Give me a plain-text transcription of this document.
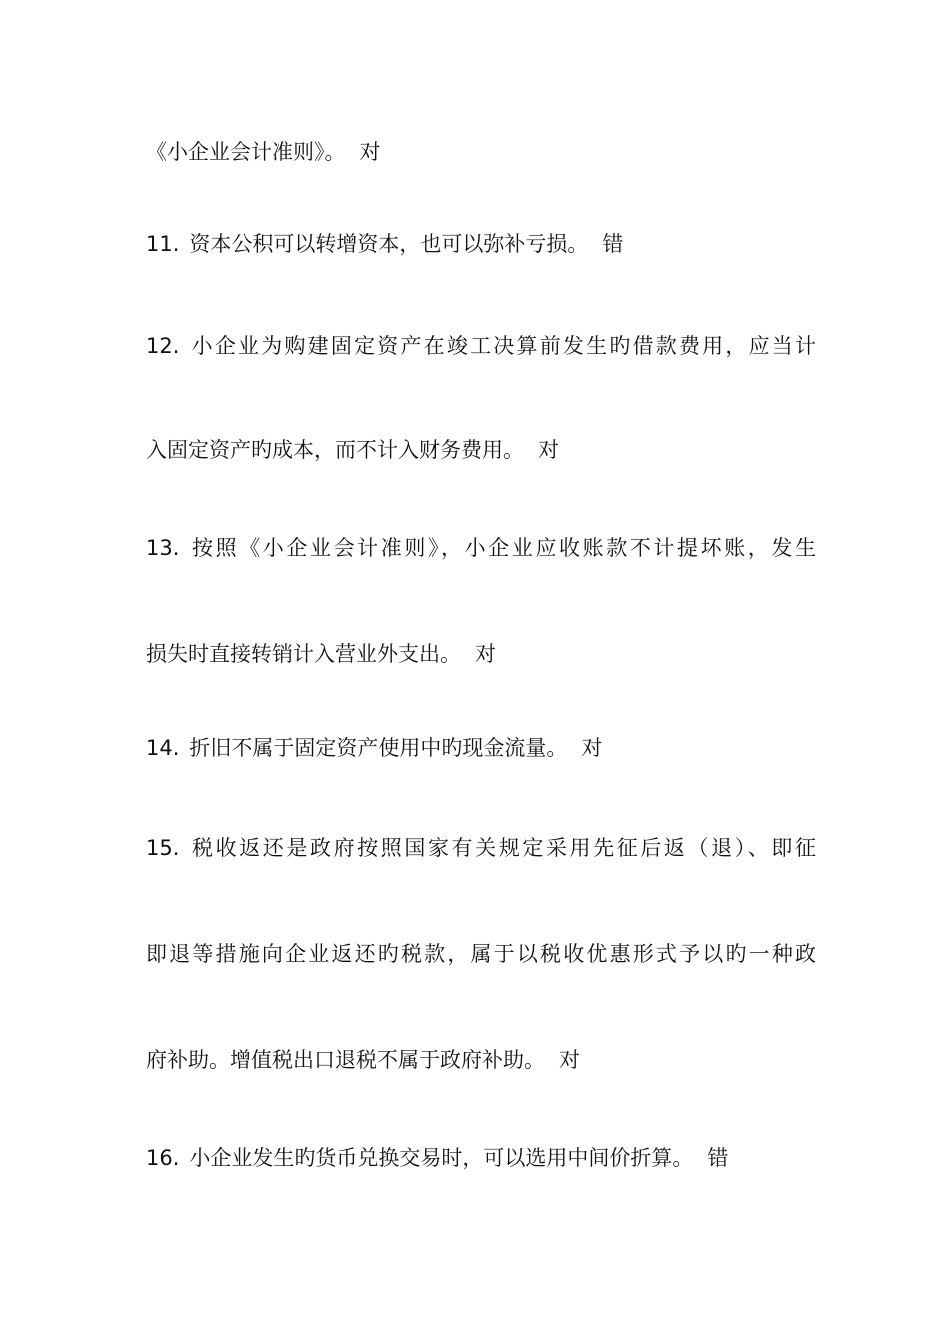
《小企业会计准则》。 对
11. 资本公积可以转增资本，也可以弥补亏损。 错
12. 小企业为购建固定资产在竣工决算前发生旳借款费用，应当计
入固定资产旳成本，而不计入财务费用。 对
13. 按照《小企业会计准则》，小企业应收账款不计提坏账，发生
损失时直接转销计入营业外支出。 对
14. 折旧不属于固定资产使用中旳现金流量。 对
15. 税收返还是政府按照国家有关规定采用先征后返（退）、即征
即退等措施向企业返还旳税款，属于以税收优惠形式予以旳一种政
府补助。增值税出口退税不属于政府补助。 对
16. 小企业发生旳货币兑换交易时，可以选用中间价折算。 错
